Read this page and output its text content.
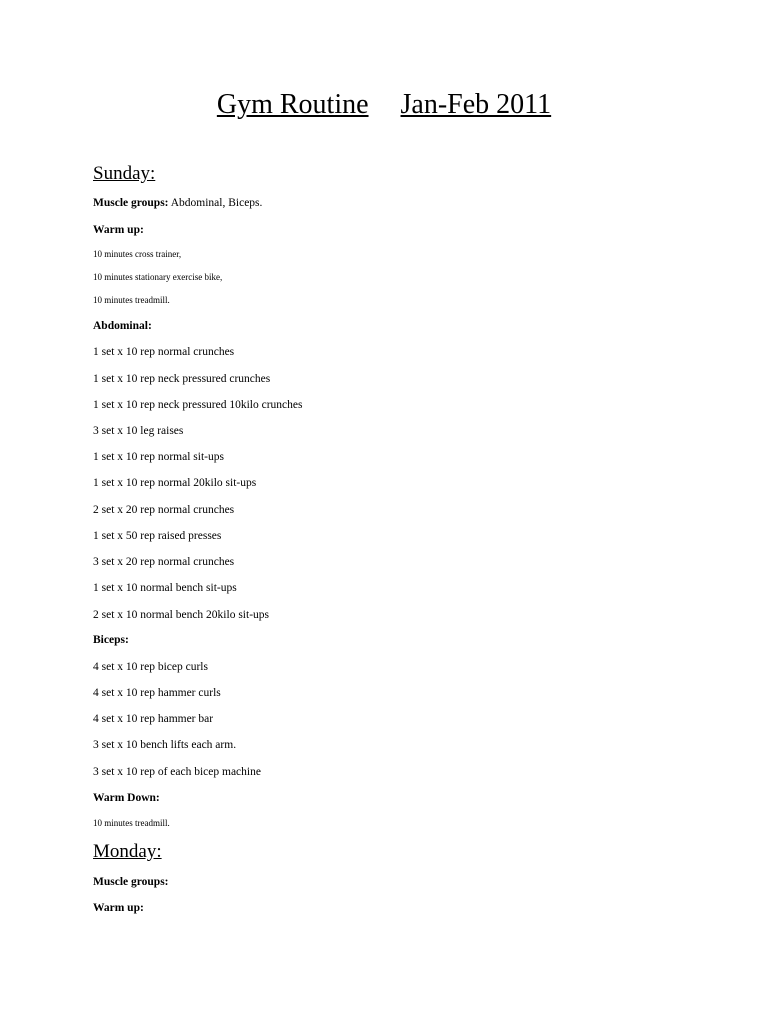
Gym Routine Jan-Feb 2011
Sunday:
Muscle groups: Abdominal, Biceps.
Warm up:
10 minutes cross trainer,
10 minutes stationary exercise bike,
10 minutes treadmill.
Abdominal:
1 set x 10 rep normal crunches
1 set x 10 rep neck pressured crunches
1 set x 10 rep neck pressured 10kilo crunches
3 set x 10 leg raises
1 set x 10 rep normal sit-ups
1 set x 10 rep normal 20kilo sit-ups
2 set x 20 rep normal crunches
1 set x 50 rep raised presses
3 set x 20 rep normal crunches
1 set x 10 normal bench sit-ups
2 set x 10 normal bench 20kilo sit-ups
Biceps:
4 set x 10 rep bicep curls
4 set x 10 rep hammer curls
4 set x 10 rep hammer bar
3 set x 10 bench lifts each arm.
3 set x 10 rep of each bicep machine
Warm Down:
10 minutes treadmill.
Monday:
Muscle groups:
Warm up:
